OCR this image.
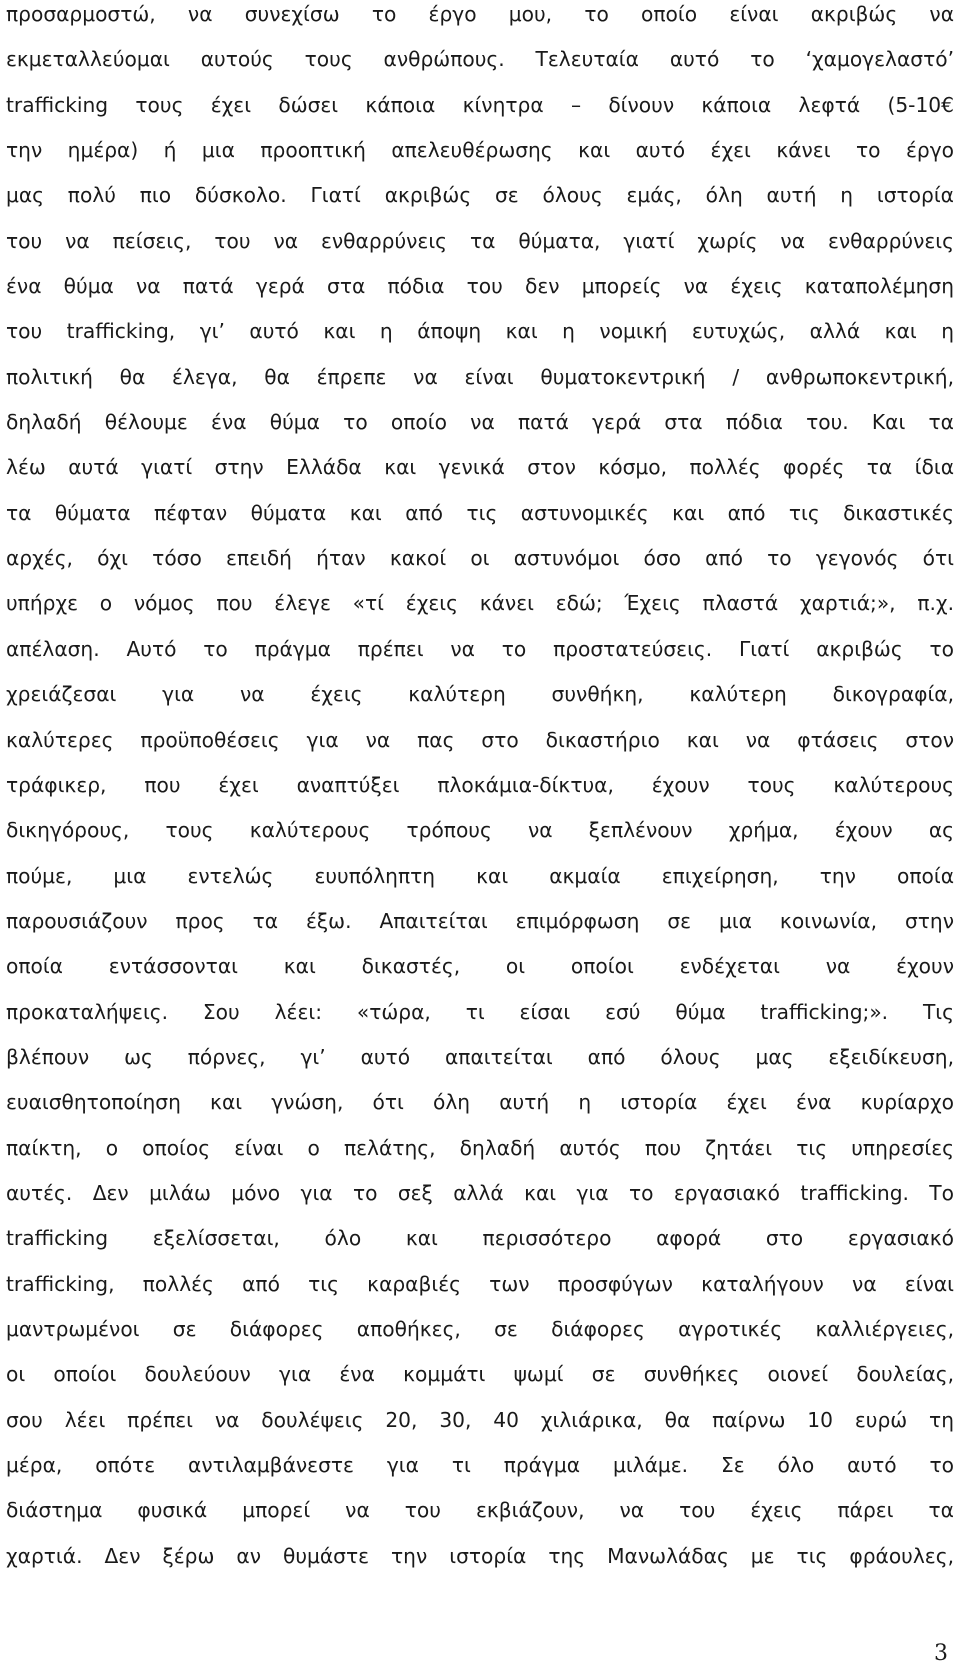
προσαρμοστώ, να συνεχίσω το έργο μου, το οποίο είναι ακριβώς να
εκμεταλλεύομαι αυτούς τους ανθρώπους. Τελευταία αυτό το ‘χαμογελαστό’
trafficking τους έχει δώσει κάποια κίνητρα – δίνουν κάποια λεφτά (5-10€
την ημέρα) ή μια προοπτική απελευθέρωσης και αυτό έχει κάνει το έργο
μας πολύ πιο δύσκολο. Γιατί ακριβώς σε όλους εμάς, όλη αυτή η ιστορία
του να πείσεις, του να ενθαρρύνεις τα θύματα, γιατί χωρίς να ενθαρρύνεις
ένα θύμα να πατά γερά στα πόδια του δεν μπορείς να έχεις καταπολέμηση
του trafficking, γι’ αυτό και η άποψη και η νομική ευτυχώς, αλλά και η
πολιτική θα έλεγα, θα έπρεπε να είναι θυματοκεντρική / ανθρωποκεντρική,
δηλαδή θέλουμε ένα θύμα το οποίο να πατά γερά στα πόδια του. Και τα
λέω αυτά γιατί στην Ελλάδα και γενικά στον κόσμο, πολλές φορές τα ίδια
τα θύματα πέφταν θύματα και από τις αστυνομικές και από τις δικαστικές
αρχές, όχι τόσο επειδή ήταν κακοί οι αστυνόμοι όσο από το γεγονός ότι
υπήρχε ο νόμος που έλεγε «τί έχεις κάνει εδώ; Έχεις πλαστά χαρτιά;», π.χ.
απέλαση. Αυτό το πράγμα πρέπει να το προστατεύσεις. Γιατί ακριβώς το
χρειάζεσαι για να έχεις καλύτερη συνθήκη, καλύτερη δικογραφία,
καλύτερες προϋποθέσεις για να πας στο δικαστήριο και να φτάσεις στον
τράφικερ, που έχει αναπτύξει πλοκάμια-δίκτυα, έχουν τους καλύτερους
δικηγόρους, τους καλύτερους τρόπους να ξεπλένουν χρήμα, έχουν ας
πούμε, μια εντελώς ευυπόληπτη και ακμαία επιχείρηση, την οποία
παρουσιάζουν προς τα έξω. Απαιτείται επιμόρφωση σε μια κοινωνία, στην
οποία εντάσσονται και δικαστές, οι οποίοι ενδέχεται να έχουν
προκαταλήψεις. Σου λέει: «τώρα, τι είσαι εσύ θύμα trafficking;». Τις
βλέπουν ως πόρνες, γι’ αυτό απαιτείται από όλους μας εξειδίκευση,
ευαισθητοποίηση και γνώση, ότι όλη αυτή η ιστορία έχει ένα κυρίαρχο
παίκτη, ο οποίος είναι ο πελάτης, δηλαδή αυτός που ζητάει τις υπηρεσίες
αυτές. Δεν μιλάω μόνο για το σεξ αλλά και για το εργασιακό trafficking. Το
trafficking εξελίσσεται, όλο και περισσότερο αφορά στο εργασιακό
trafficking, πολλές από τις καραβιές των προσφύγων καταλήγουν να είναι
μαντρωμένοι σε διάφορες αποθήκες, σε διάφορες αγροτικές καλλιέργειες,
οι οποίοι δουλεύουν για ένα κομμάτι ψωμί σε συνθήκες οιονεί δουλείας,
σου λέει πρέπει να δουλέψεις 20, 30, 40 χιλιάρικα, θα παίρνω 10 ευρώ τη
μέρα, οπότε αντιλαμβάνεστε για τι πράγμα μιλάμε. Σε όλο αυτό το
διάστημα φυσικά μπορεί να του εκβιάζουν, να του έχεις πάρει τα
χαρτιά. Δεν ξέρω αν θυμάστε την ιστορία της Μανωλάδας με τις φράουλες,
3
